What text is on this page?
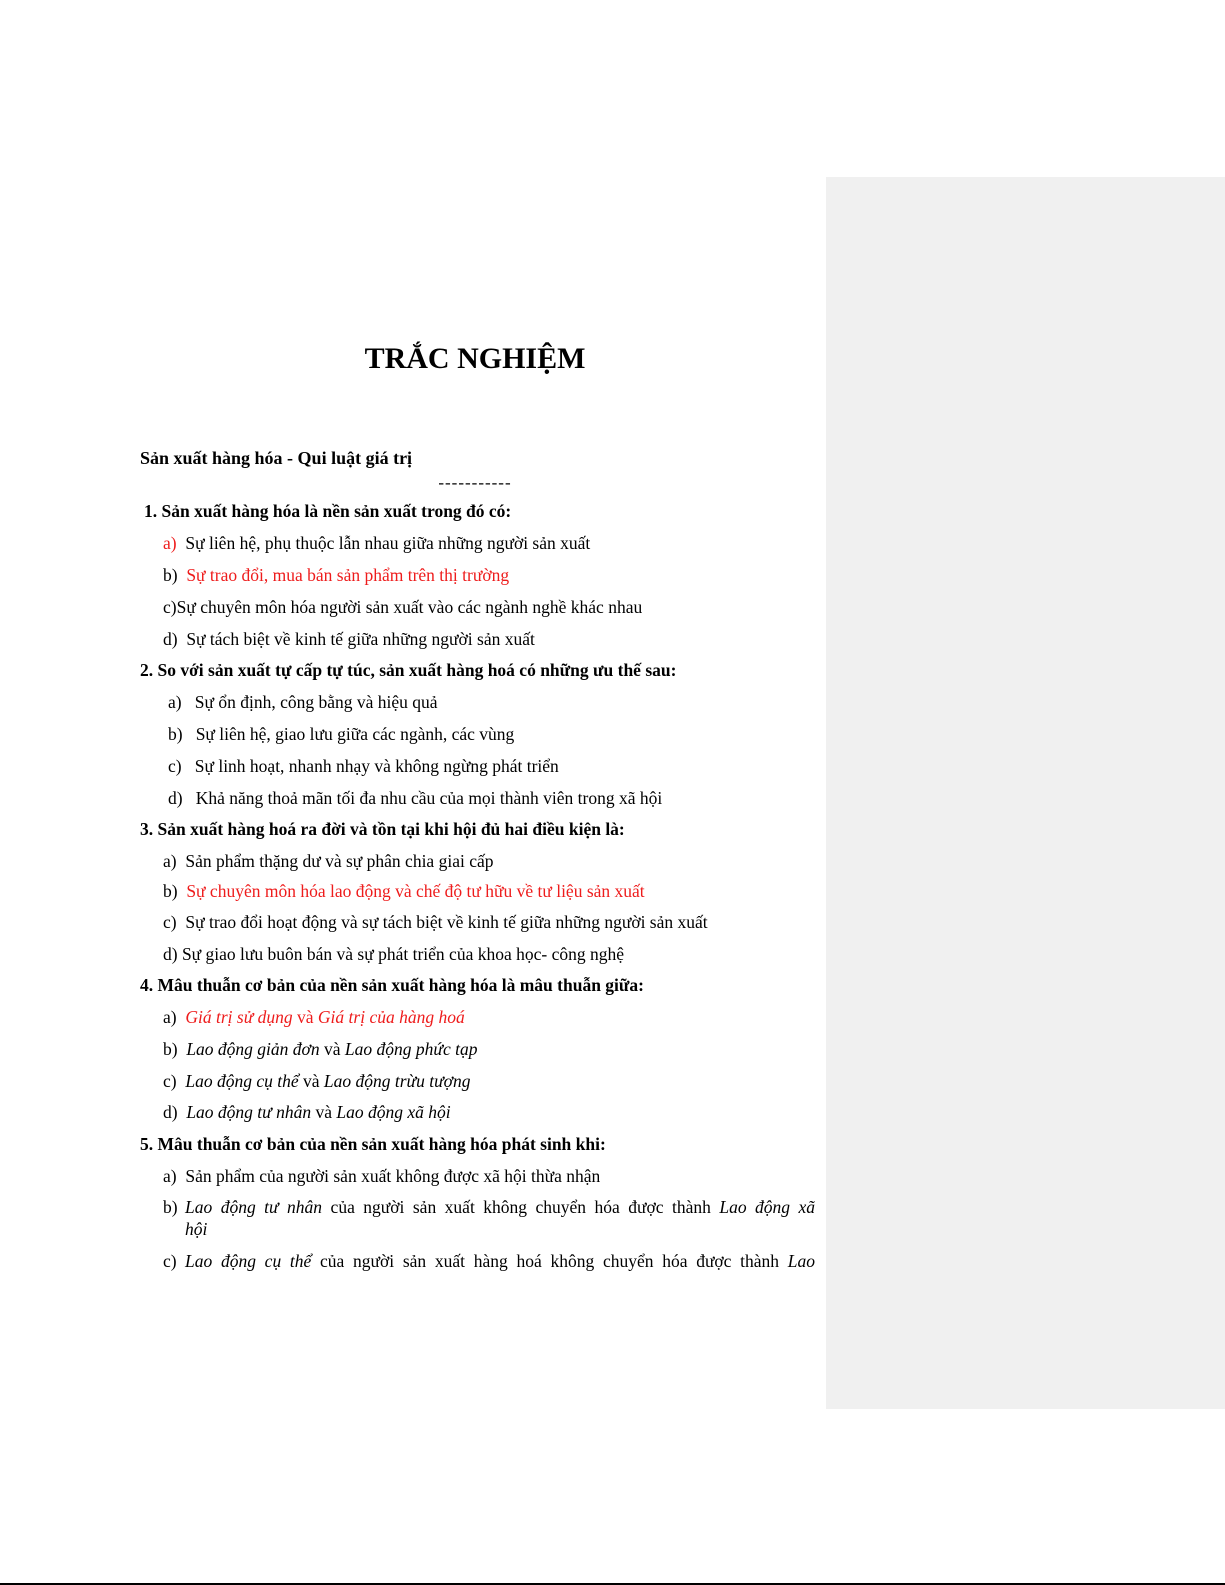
TRẮC NGHIỆM
Sản xuất hàng hóa - Qui luật giá trị
-----------
1. Sản xuất hàng hóa là nền sản xuất trong đó có:
a) Sự liên hệ, phụ thuộc lẫn nhau giữa những người sản xuất
b) Sự trao đổi, mua bán sản phẩm trên thị trường
c)Sự chuyên môn hóa người sản xuất vào các ngành nghề khác nhau
d) Sự tách biệt về kinh tế giữa những người sản xuất
2. So với sản xuất tự cấp tự túc, sản xuất hàng hoá có những ưu thế sau:
a) Sự ổn định, công bằng và hiệu quả
b) Sự liên hệ, giao lưu giữa các ngành, các vùng
c) Sự linh hoạt, nhanh nhạy và không ngừng phát triển
d) Khả năng thoả mãn tối đa nhu cầu của mọi thành viên trong xã hội
3. Sản xuất hàng hoá ra đời và tồn tại khi hội đủ hai điều kiện là:
a) Sản phẩm thặng dư và sự phân chia giai cấp
b) Sự chuyên môn hóa lao động và chế độ tư hữu về tư liệu sản xuất
c) Sự trao đổi hoạt động và sự tách biệt về kinh tế giữa những người sản xuất
d) Sự giao lưu buôn bán và sự phát triển của khoa học- công nghệ
4. Mâu thuẫn cơ bản của nền sản xuất hàng hóa là mâu thuẫn giữa:
a) Giá trị sử dụng và Giá trị của hàng hoá
b) Lao động giản đơn và Lao động phức tạp
c) Lao động cụ thể và Lao động trừu tượng
d) Lao động tư nhân và Lao động xã hội
5. Mâu thuẫn cơ bản của nền sản xuất hàng hóa phát sinh khi:
a) Sản phẩm của người sản xuất không được xã hội thừa nhận
b) Lao động tư nhân của người sản xuất không chuyển hóa được thành Lao động xã
hội
c) Lao động cụ thể của người sản xuất hàng hoá không chuyển hóa được thành Lao
